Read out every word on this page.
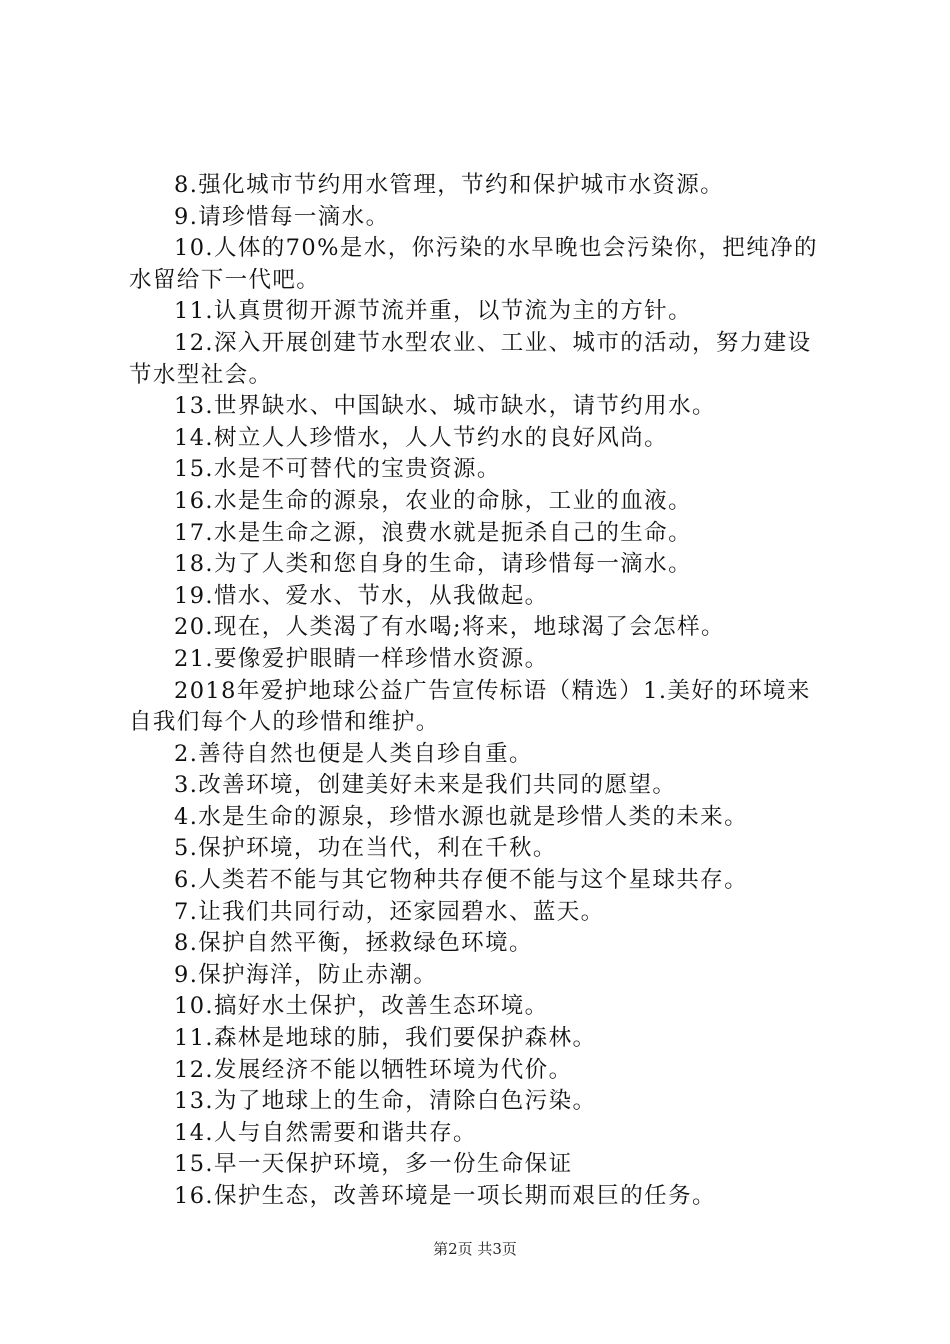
8.强化城市节约用水管理，节约和保护城市水资源。

9.请珍惜每一滴水。

10.人体的70%是水，你污染的水早晚也会污染你，把纯净的水留给下一代吧。

11.认真贯彻开源节流并重，以节流为主的方针。

12.深入开展创建节水型农业、工业、城市的活动，努力建设节水型社会。

13.世界缺水、中国缺水、城市缺水，请节约用水。

14.树立人人珍惜水，人人节约水的良好风尚。

15.水是不可替代的宝贵资源。

16.水是生命的源泉，农业的命脉，工业的血液。

17.水是生命之源，浪费水就是扼杀自己的生命。

18.为了人类和您自身的生命，请珍惜每一滴水。

19.惜水、爱水、节水，从我做起。

20.现在，人类渴了有水喝;将来，地球渴了会怎样。

21.要像爱护眼睛一样珍惜水资源。

2018年爱护地球公益广告宣传标语（精选）1.美好的环境来自我们每个人的珍惜和维护。

2.善待自然也便是人类自珍自重。

3.改善环境，创建美好未来是我们共同的愿望。

4.水是生命的源泉，珍惜水源也就是珍惜人类的未来。

5.保护环境，功在当代，利在千秋。

6.人类若不能与其它物种共存便不能与这个星球共存。

7.让我们共同行动，还家园碧水、蓝天。

8.保护自然平衡，拯救绿色环境。

9.保护海洋，防止赤潮。

10.搞好水土保护，改善生态环境。

11.森林是地球的肺，我们要保护森林。

12.发展经济不能以牺牲环境为代价。

13.为了地球上的生命，清除白色污染。

14.人与自然需要和谐共存。

15.早一天保护环境，多一份生命保证

16.保护生态，改善环境是一项长期而艰巨的任务。

第2页 共3页
